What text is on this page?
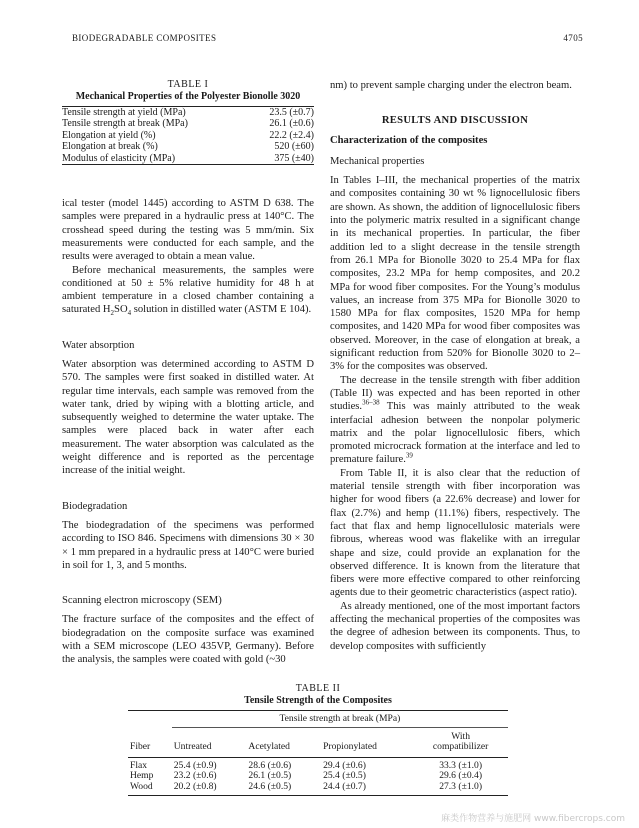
BIODEGRADABLE COMPOSITES	4705
TABLE I
Mechanical Properties of the Polyester Bionolle 3020
Tensile strength at yield (MPa)	23.5 (±0.7)
Tensile strength at break (MPa)	26.1 (±0.6)
Elongation at yield (%)	22.2 (±2.4)
Elongation at break (%)	520 (±60)
Modulus of elasticity (MPa)	375 (±40)

ical tester (model 1445) according to ASTM D 638. The samples were prepared in a hydraulic press at 140°C. The crosshead speed during the testing was 5 mm/min. Six measurements were conducted for each sample, and the results were averaged to obtain a mean value.

Before mechanical measurements, the samples were conditioned at 50 ± 5% relative humidity for 48 h at ambient temperature in a closed chamber containing a saturated $H_2SO_4$ solution in distilled water (ASTM E 104).

Water absorption

Water absorption was determined according to ASTM D 570. The samples were first soaked in distilled water. At regular time intervals, each sample was removed from the water tank, dried by wiping with a blotting article, and subsequently weighed to determine the water uptake. The samples were placed back in water after each measurement. The water absorption was calculated as the weight difference and is reported as the percentage increase of the initial weight.

Biodegradation

The biodegradation of the specimens was performed according to ISO 846. Specimens with dimensions 30 × 30 × 1 mm prepared in a hydraulic press at 140°C were buried in soil for 1, 3, and 5 months.

Scanning electron microscopy (SEM)

The fracture surface of the composites and the effect of biodegradation on the composite surface was examined with a SEM microscope (LEO 435VP, Germany). Before the analysis, the samples were coated with gold (~30

nm) to prevent sample charging under the electron beam.

RESULTS AND DISCUSSION

Characterization of the composites

Mechanical properties

In Tables I–III, the mechanical properties of the matrix and composites containing 30 wt % lignocellulosic fibers are shown. As shown, the addition of lignocellulosic fibers into the polymeric matrix resulted in a significant change in its mechanical properties. In particular, the fiber addition led to a slight decrease in the tensile strength from 26.1 MPa for Bionolle 3020 to 25.4 MPa for flax composites, 23.2 MPa for hemp composites, and 20.2 MPa for wood fiber composites. For the Young’s modulus values, an increase from 375 MPa for Bionolle 3020 to 1580 MPa for flax composites, 1520 MPa for hemp composites, and 1420 MPa for wood fiber composites was observed. Moreover, in the case of elongation at break, a significant reduction from 520% for Bionolle 3020 to 2–3% for the composites was observed.

The decrease in the tensile strength with fiber addition (Table II) was expected and has been reported in other studies.$^{36-38}$ This was mainly attributed to the weak interfacial adhesion between the nonpolar polymeric matrix and the polar lignocellulosic fibers, which promoted microcrack formation at the interface and led to premature failure.$^{39}$

From Table II, it is also clear that the reduction of material tensile strength with fiber incorporation was higher for wood fibers (a 22.6% decrease) and lower for flax (2.7%) and hemp (11.1%) fibers, respectively. The fact that flax and hemp lignocellulosic materials were fibrous, whereas wood was flakelike with an irregular shape and size, could provide an explanation for the observed difference. It is known from the literature that fibers were more effective compared to other reinforcing agents due to their geometric characteristics (aspect ratio).

As already mentioned, one of the most important factors affecting the mechanical properties of the composites was the degree of adhesion between its components. Thus, to develop composites with sufficiently

TABLE II
Tensile Strength of the Composites
	Tensile strength at break (MPa)			
				With
Fiber	Untreated	Acetylated	Propionylated	compatibilizer
Flax	25.4 (±0.9)	28.6 (±0.6)	29.4 (±0.6)	33.3 (±1.0)
Hemp	23.2 (±0.6)	26.1 (±0.5)	25.4 (±0.5)	29.6 (±0.4)
Wood	20.2 (±0.8)	24.6 (±0.5)	24.4 (±0.7)	27.3 (±1.0)
麻类作物营养与施肥网 www.fibercrops.com
